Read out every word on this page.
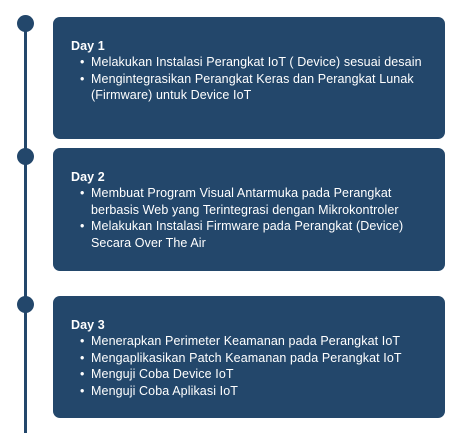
Day 1
• Melakukan Instalasi Perangkat IoT ( Device) sesuai desain
• Mengintegrasikan Perangkat Keras dan Perangkat Lunak (Firmware) untuk Device IoT
Day 2
• Membuat Program Visual Antarmuka pada Perangkat berbasis Web yang Terintegrasi dengan Mikrokontroler
• Melakukan Instalasi Firmware pada Perangkat (Device) Secara Over The Air
Day 3
• Menerapkan Perimeter Keamanan pada Perangkat IoT
• Mengaplikasikan Patch Keamanan pada Perangkat IoT
• Menguji Coba Device IoT
• Menguji Coba Aplikasi IoT
